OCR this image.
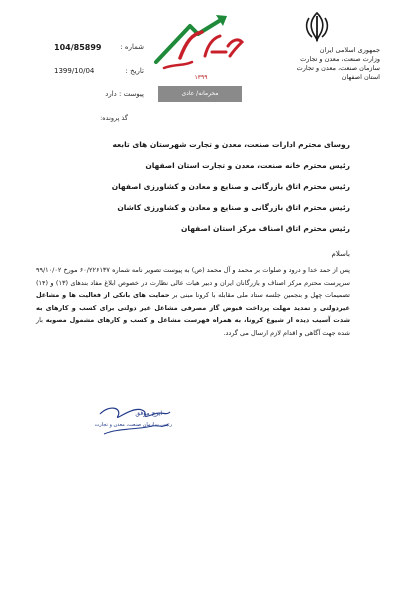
جمهوری اسلامی ایران
وزارت صنعت، معدن و تجارت
سازمان صنعت، معدن و تجارت استان اصفهان
۱۳۹۹
محرمانه/ عادی
104/85899	شماره :
1399/10/04	تاریخ :
پیوست : دارد
گذ پرونده:
روسای محترم ادارات صنعت، معدن و تجارت شهرستان های تابعه
رئیس محترم خانه صنعت، معدن و تجارت استان اصفهان
رئیس محترم اتاق بازرگانی و صنایع و معادن و کشاورزی اصفهان
رئیس محترم اتاق بازرگانی و صنایع و معادن و کشاورزی کاشان
رئیس محترم اتاق اصناف مرکز استان اصفهان
باسلام
پس از حمد خدا و درود و صلوات بر محمد و آل محمد (ص) به پیوست تصویر نامه شماره ۶۰/۲۲۶۱۳۷ مورخ ۹۹/۱۰/۰۲ سرپرست محترم مرکز اصناف و بازرگانان ایران و دبیر هیات عالی نظارت در خصوص ابلاغ مفاد بندهای (۱۳) و (۱۴) تصمیمات چهل و بنجمین جلسه ستاد ملی مقابله با کرونا مبنی بر حمایت های بانکی از فعالیت ها و مشاغل غیردولتی و تمدید مهلت پرداخت قبوض گاز مصرفی مشاغل غیر دولتی برای کسب و کارهای به شدت آسیب دیده از شیوع کرونا، به همراه فهرست مشاغل و کسب و کارهای مشمول مصوبه بار شده جهت آگاهی و اقدام لازم ارسال می گردد.
ایرج موفق
رئیس سازمان صنعت، معدن و تجارت
